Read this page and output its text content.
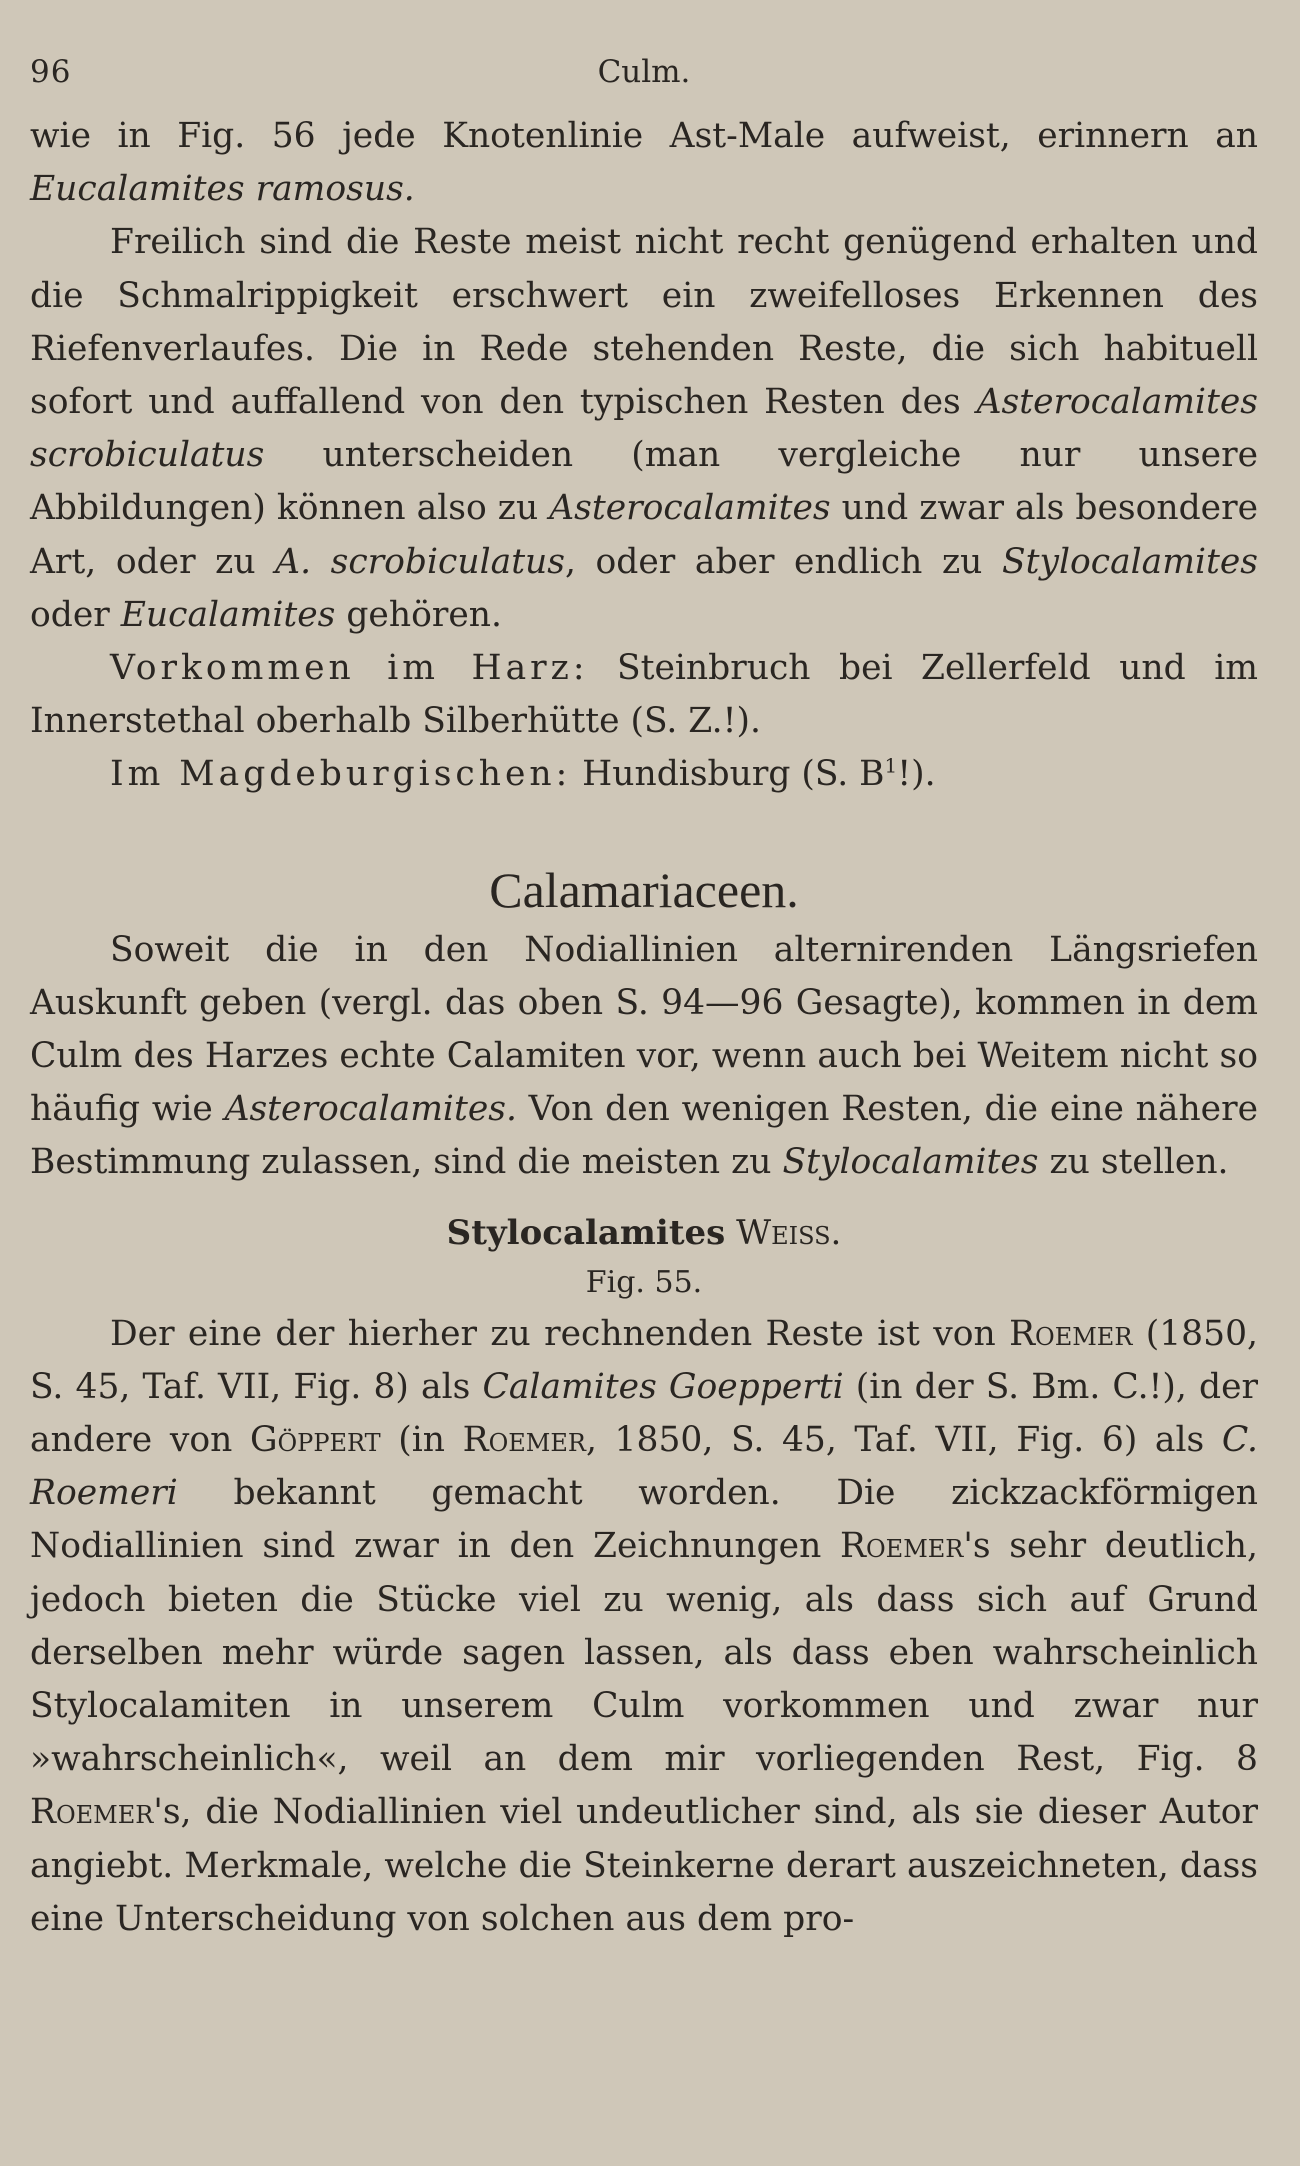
96	Culm.

wie in Fig. 56 jede Knotenlinie Ast-Male aufweist, erinnern an Eucalamites ramosus.

Freilich sind die Reste meist nicht recht genügend erhalten und die Schmalrippigkeit erschwert ein zweifelloses Erkennen des Riefenverlaufes. Die in Rede stehenden Reste, die sich habituell sofort und auffallend von den typischen Resten des Asterocalamites scrobiculatus unterscheiden (man vergleiche nur unsere Abbildungen) können also zu Asterocalamites und zwar als besondere Art, oder zu A. scrobiculatus, oder aber endlich zu Stylocalamites oder Eucalamites gehören.

Vorkommen im Harz: Steinbruch bei Zellerfeld und im Innerstethal oberhalb Silberhütte (S. Z.!).

Im Magdeburgischen: Hundisburg (S. $B^1$!).

Calamariaceen.

Soweit die in den Nodiallinien alternirenden Längsriefen Auskunft geben (vergl. das oben S. 94—96 Gesagte), kommen in dem Culm des Harzes echte Calamiten vor, wenn auch bei Weitem nicht so häufig wie Asterocalamites. Von den wenigen Resten, die eine nähere Bestimmung zulassen, sind die meisten zu Stylocalamites zu stellen.

Stylocalamites Weiss.
Fig. 55.

Der eine der hierher zu rechnenden Reste ist von Roemer (1850, S. 45, Taf. VII, Fig. 8) als Calamites Goepperti (in der S. Bm. C.!), der andere von Göppert (in Roemer, 1850, S. 45, Taf. VII, Fig. 6) als C. Roemeri bekannt gemacht worden. Die zickzackförmigen Nodiallinien sind zwar in den Zeichnungen Roemer's sehr deutlich, jedoch bieten die Stücke viel zu wenig, als dass sich auf Grund derselben mehr würde sagen lassen, als dass eben wahrscheinlich Stylocalamiten in unserem Culm vorkommen und zwar nur »wahrscheinlich«, weil an dem mir vorliegenden Rest, Fig. 8 Roemer's, die Nodiallinien viel undeutlicher sind, als sie dieser Autor angiebt. Merkmale, welche die Steinkerne derart auszeichneten, dass eine Unterscheidung von solchen aus dem pro-
